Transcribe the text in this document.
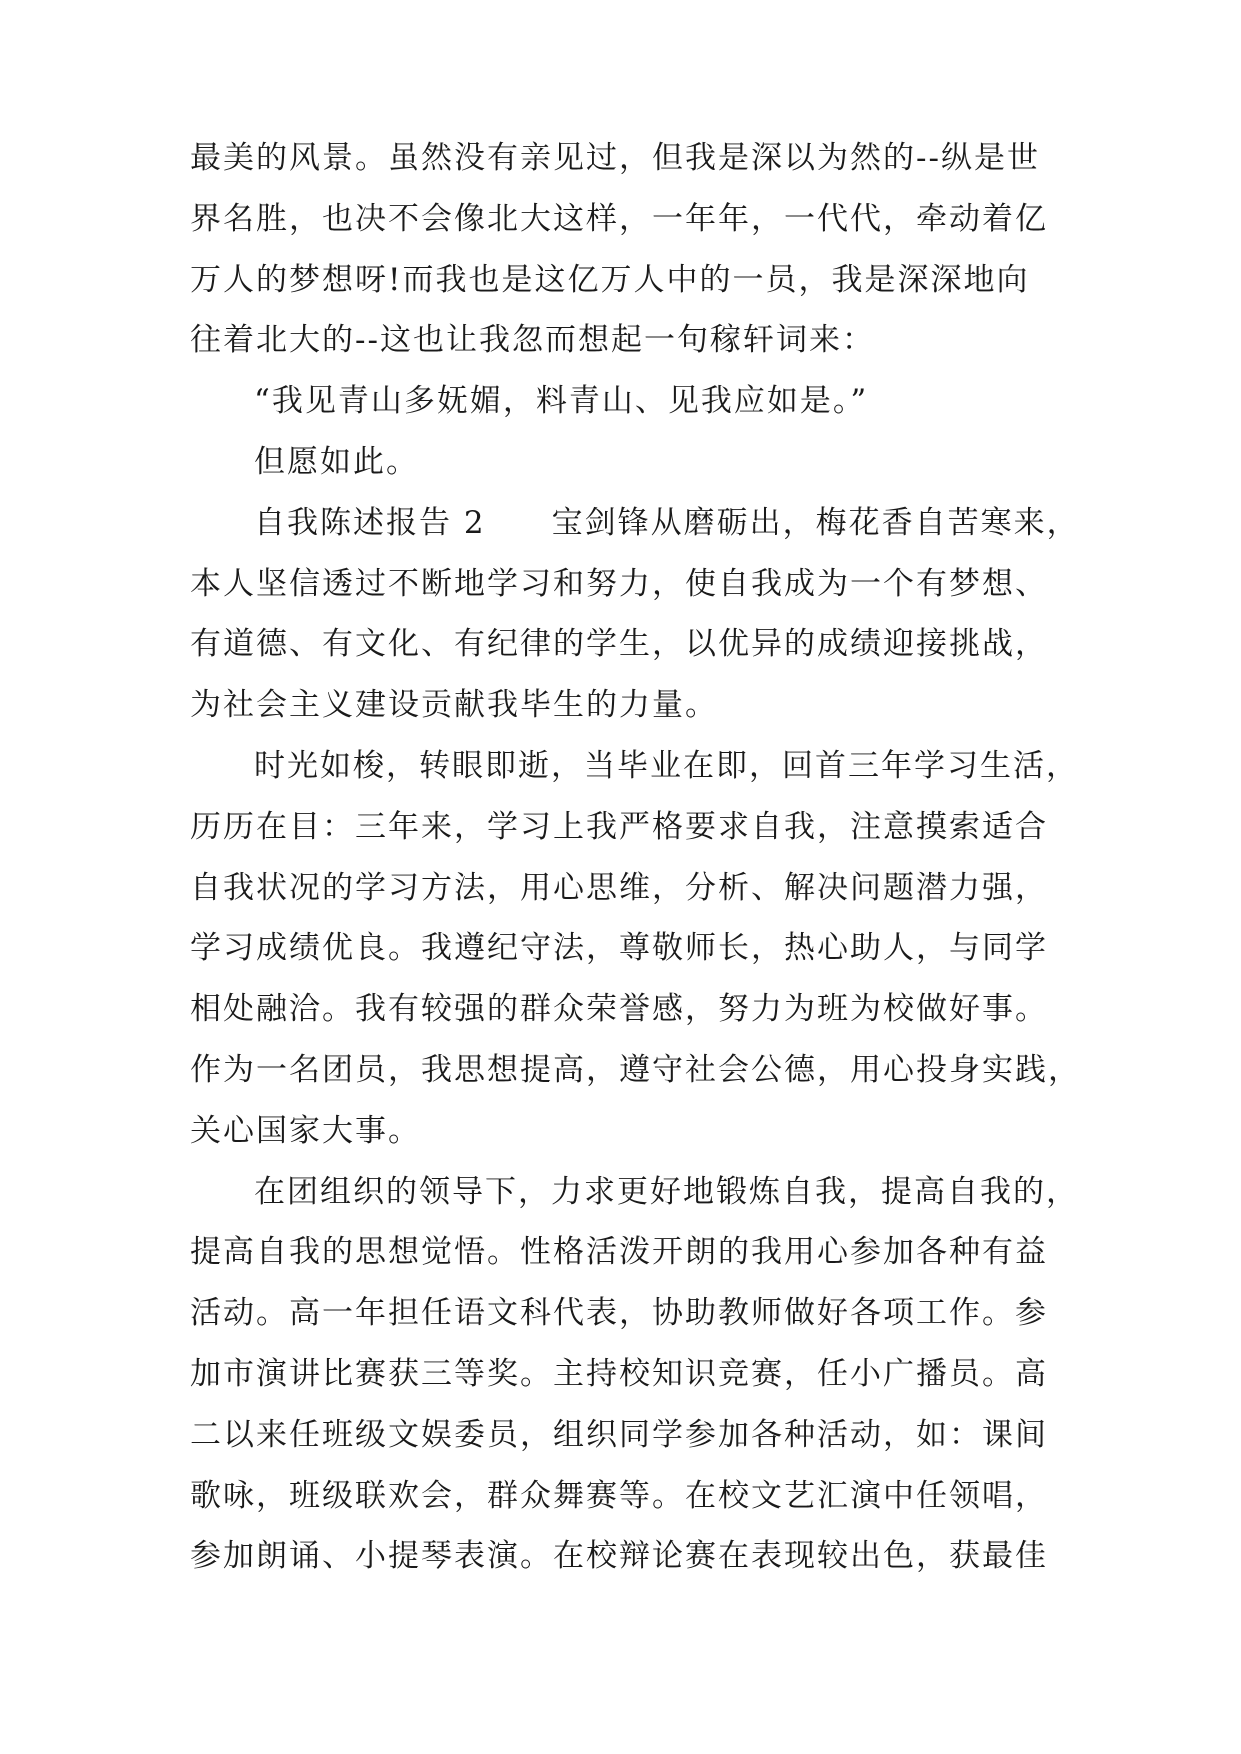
最美的风景。虽然没有亲见过，但我是深以为然的--纵是世
界名胜，也决不会像北大这样，一年年，一代代，牵动着亿
万人的梦想呀!而我也是这亿万人中的一员，我是深深地向
往着北大的--这也让我忽而想起一句稼轩词来：
“我见青山多妩媚，料青山、见我应如是。”
但愿如此。
自我陈述报告 2　　宝剑锋从磨砺出，梅花香自苦寒来，
本人坚信透过不断地学习和努力，使自我成为一个有梦想、
有道德、有文化、有纪律的学生，以优异的成绩迎接挑战，
为社会主义建设贡献我毕生的力量。
时光如梭，转眼即逝，当毕业在即，回首三年学习生活，
历历在目：三年来，学习上我严格要求自我，注意摸索适合
自我状况的学习方法，用心思维，分析、解决问题潜力强，
学习成绩优良。我遵纪守法，尊敬师长，热心助人，与同学
相处融洽。我有较强的群众荣誉感，努力为班为校做好事。
作为一名团员，我思想提高，遵守社会公德，用心投身实践，
关心国家大事。
在团组织的领导下，力求更好地锻炼自我，提高自我的，
提高自我的思想觉悟。性格活泼开朗的我用心参加各种有益
活动。高一年担任语文科代表，协助教师做好各项工作。参
加市演讲比赛获三等奖。主持校知识竞赛，任小广播员。高
二以来任班级文娱委员，组织同学参加各种活动，如：课间
歌咏，班级联欢会，群众舞赛等。在校文艺汇演中任领唱，
参加朗诵、小提琴表演。在校辩论赛在表现较出色，获最佳
